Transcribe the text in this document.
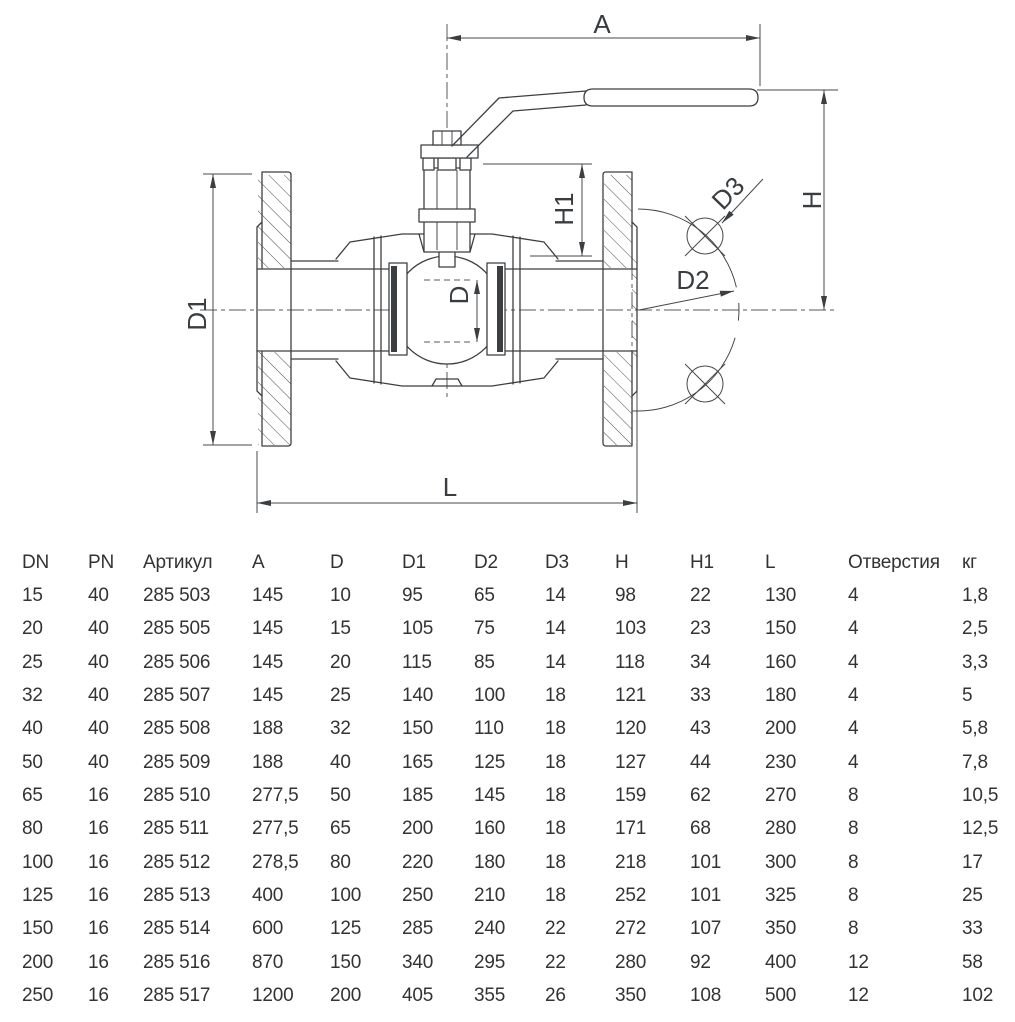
A
H
H1
D
D1
D2
D3
L
DN	PN	Артикул	A	D	D1	D2	D3	H	H1	L	Отверстия	кг
15	40	285 503	145	10	95	65	14	98	22	130	4	1,8
20	40	285 505	145	15	105	75	14	103	23	150	4	2,5
25	40	285 506	145	20	115	85	14	118	34	160	4	3,3
32	40	285 507	145	25	140	100	18	121	33	180	4	5
40	40	285 508	188	32	150	110	18	120	43	200	4	5,8
50	40	285 509	188	40	165	125	18	127	44	230	4	7,8
65	16	285 510	277,5	50	185	145	18	159	62	270	8	10,5
80	16	285 511	277,5	65	200	160	18	171	68	280	8	12,5
100	16	285 512	278,5	80	220	180	18	218	101	300	8	17
125	16	285 513	400	100	250	210	18	252	101	325	8	25
150	16	285 514	600	125	285	240	22	272	107	350	8	33
200	16	285 516	870	150	340	295	22	280	92	400	12	58
250	16	285 517	1200	200	405	355	26	350	108	500	12	102
